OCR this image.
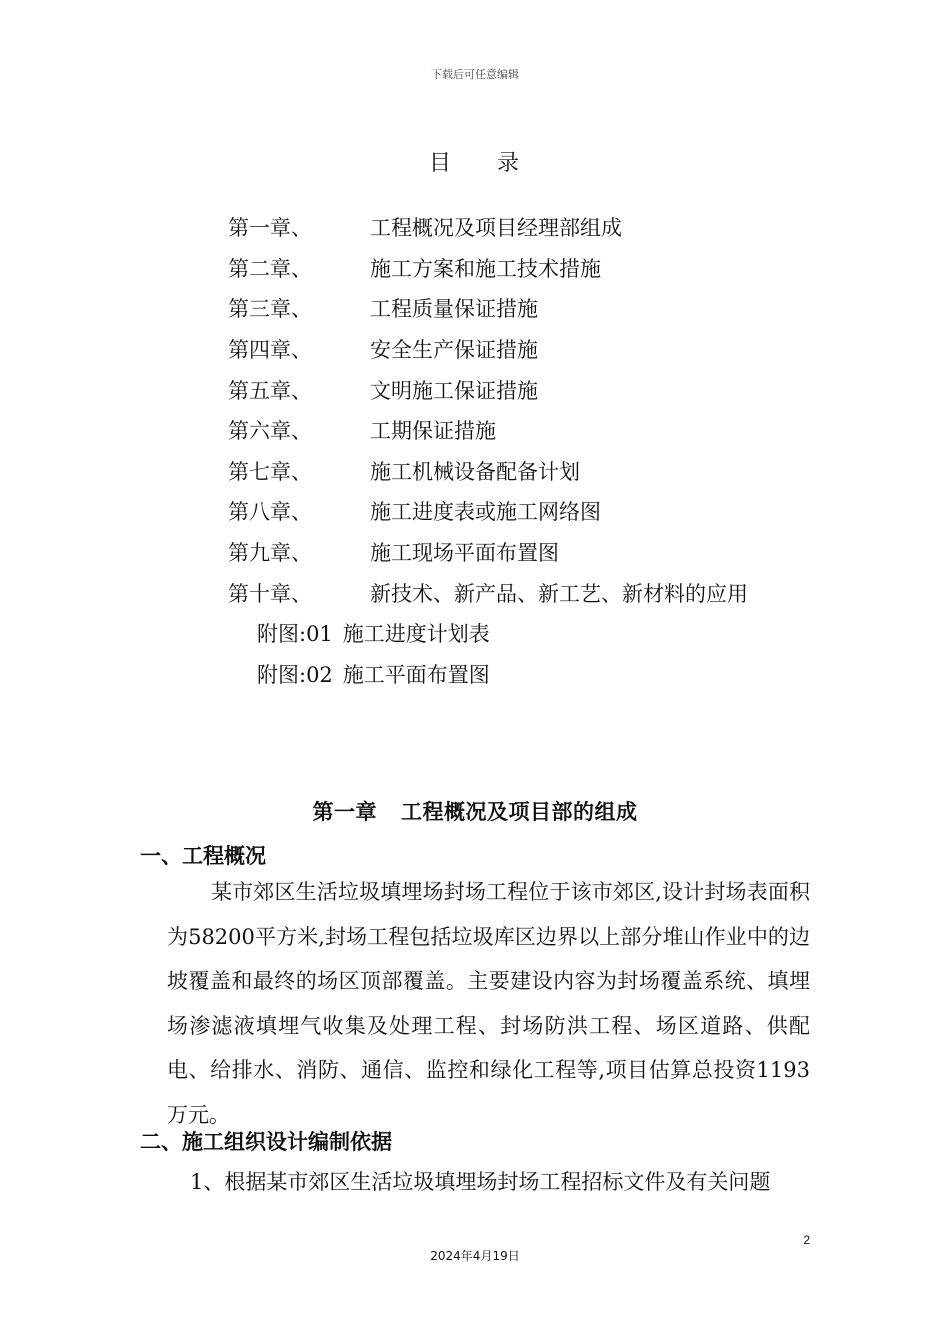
下载后可任意编辑
目 录
第一章、	工程概况及项目经理部组成
第二章、	施工方案和施工技术措施
第三章、	工程质量保证措施
第四章、	安全生产保证措施
第五章、	文明施工保证措施
第六章、	工期保证措施
第七章、	施工机械设备配备计划
第八章、	施工进度表或施工网络图
第九章、	施工现场平面布置图
第十章、	新技术、新产品、新工艺、新材料的应用
附图:01 施工进度计划表
附图:02 施工平面布置图
第一章 工程概况及项目部的组成
一、工程概况
某市郊区生活垃圾填埋场封场工程位于该市郊区,设计封场表面积为58200平方米,封场工程包括垃圾库区边界以上部分堆山作业中的边坡覆盖和最终的场区顶部覆盖。主要建设内容为封场覆盖系统、填埋场渗滤液填埋气收集及处理工程、封场防洪工程、场区道路、供配电、给排水、消防、通信、监控和绿化工程等,项目估算总投资1193万元。
二、施工组织设计编制依据
1、根据某市郊区生活垃圾填埋场封场工程招标文件及有关问题
2
2024年4月19日
